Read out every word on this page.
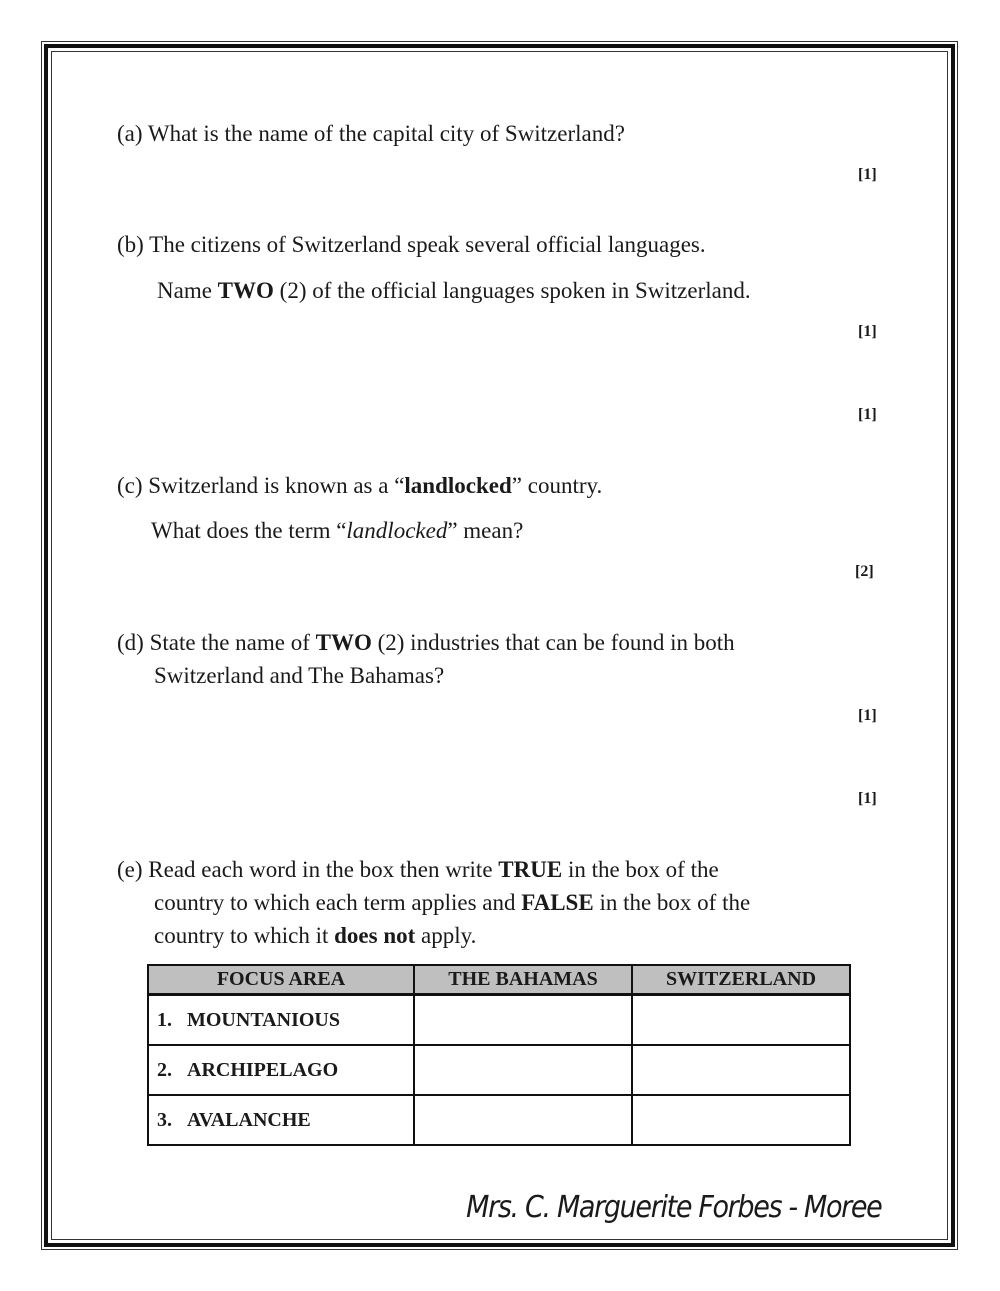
(a) What is the name of the capital city of Switzerland?
[1]
(b) The citizens of Switzerland speak several official languages.
Name TWO (2) of the official languages spoken in Switzerland.
[1]
[1]
(c) Switzerland is known as a “landlocked” country.
What does the term “landlocked” mean?
[2]
(d) State the name of TWO (2) industries that can be found in both
Switzerland and The Bahamas?
[1]
[1]
(e) Read each word in the box then write TRUE in the box of the
country to which each term applies and FALSE in the box of the
country to which it does not apply.
FOCUS AREA		THE BAHAMAS	SWITZERLAND
1.	MOUNTANIOUS		
2.	ARCHIPELAGO		
3.	AVALANCHE		
Mrs. C. Marguerite Forbes - Moree
